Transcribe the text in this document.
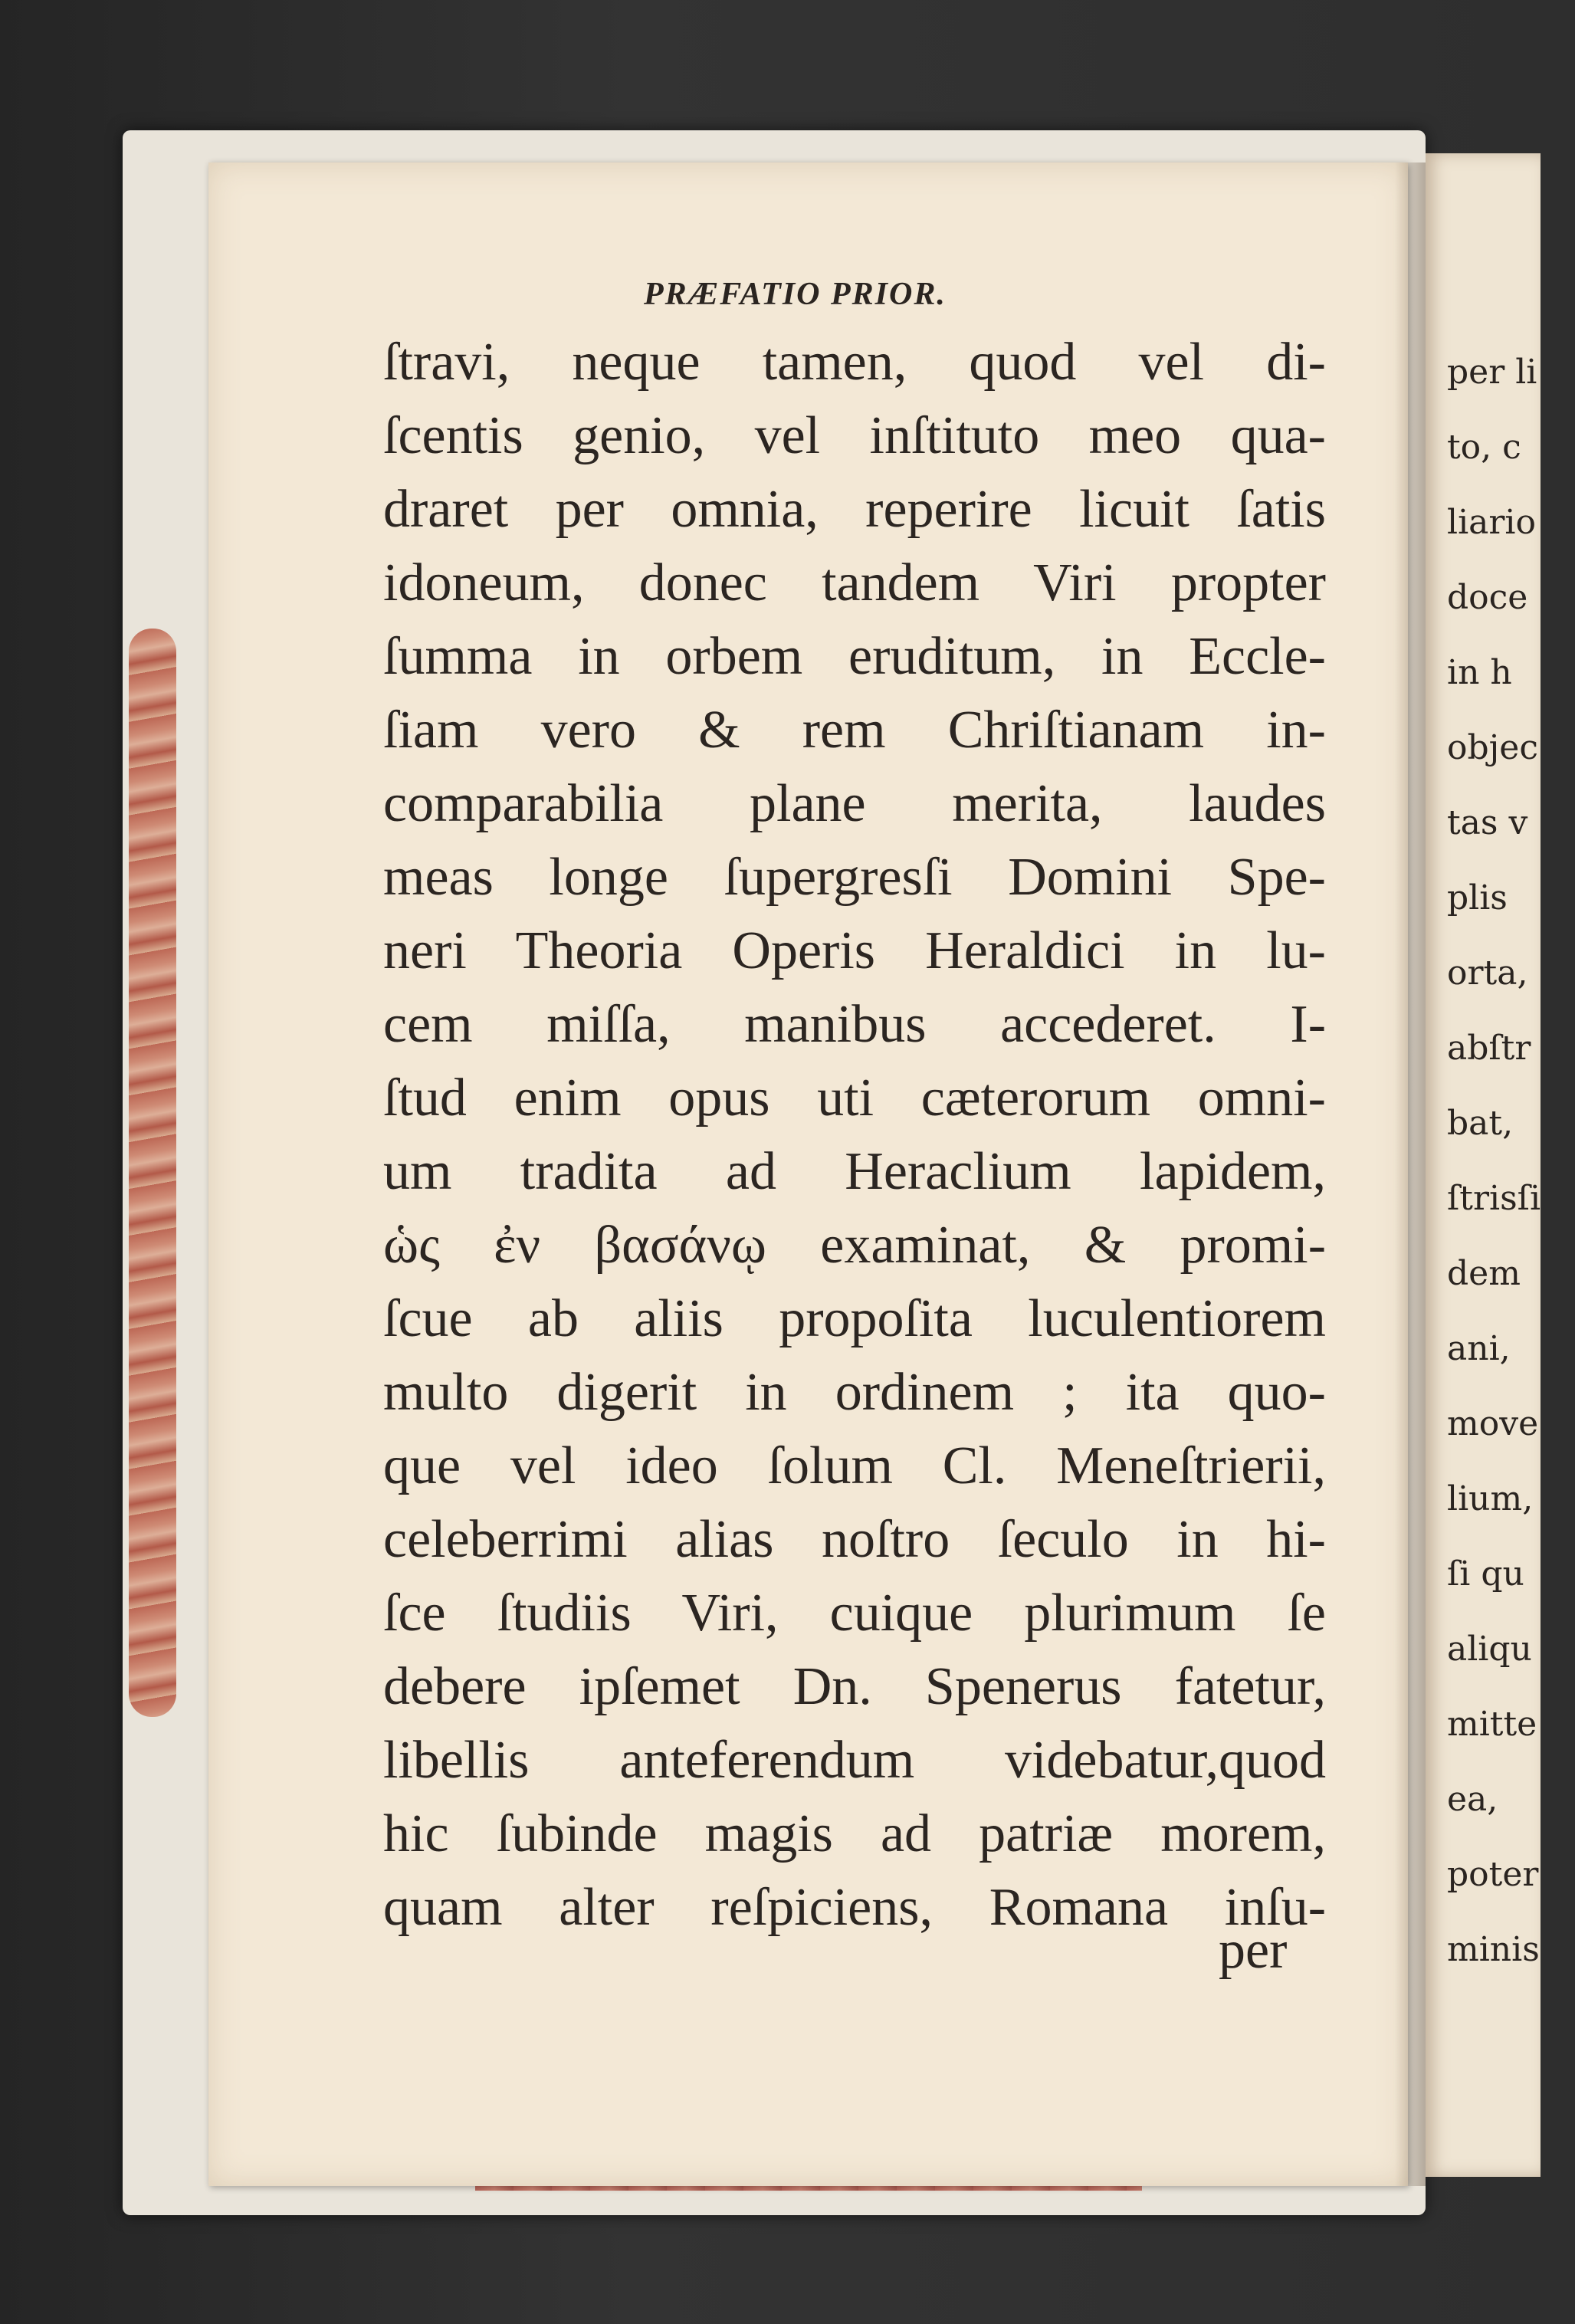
per li
to, c
liario
doce
in h
objec
tas v
plis
orta,
abſtr
bat,
ſtrisſi
dem
ani,
move
lium,
ſi qu
aliqu
mitte
ea,
poter
minis
PRÆFATIO PRIOR.
ſtravi, neque tamen, quod vel di-
ſcentis genio, vel inſtituto meo qua-
draret per omnia, reperire licuit ſatis
idoneum, donec tandem Viri propter
ſumma in orbem eruditum, in Eccle-
ſiam vero & rem Chriſtianam in-
comparabilia plane merita, laudes
meas longe ſupergresſi Domini Spe-
neri Theoria Operis Heraldici in lu-
cem miſſa, manibus accederet. I-
ſtud enim opus uti cæterorum omni-
um tradita ad Heraclium lapidem,
ὡς ἐν βασάνῳ examinat, & promi-
ſcue ab aliis propoſita luculentiorem
multo digerit in ordinem ; ita quo-
que vel ideo ſolum Cl. Meneſtrierii,
celeberrimi alias noſtro ſeculo in hi-
ſce ſtudiis Viri, cuique plurimum ſe
debere ipſemet Dn. Spenerus fatetur,
libellis anteferendum videbatur,quod
hic ſubinde magis ad patriæ morem,
quam alter reſpiciens, Romana inſu-
per
